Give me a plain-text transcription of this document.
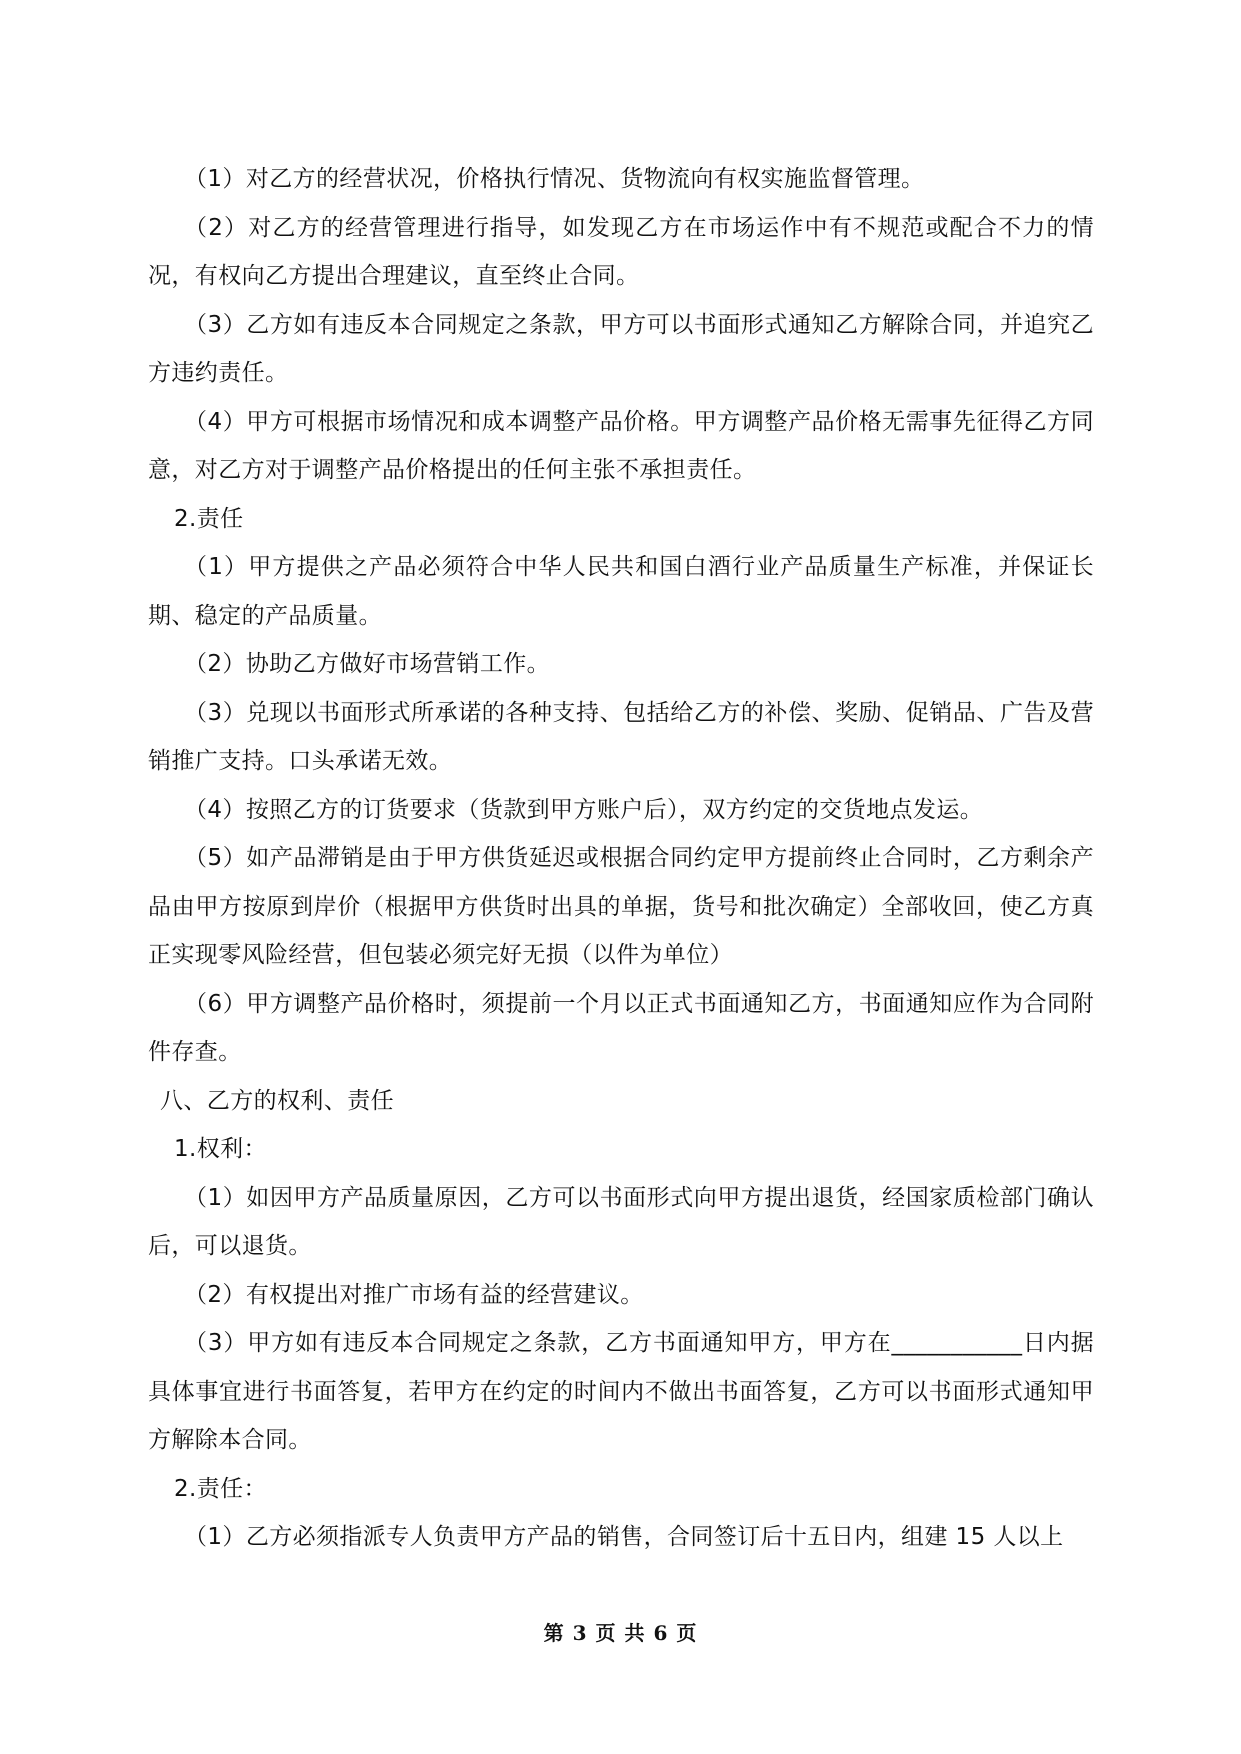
（1）对乙方的经营状况，价格执行情况、货物流向有权实施监督管理。

（2）对乙方的经营管理进行指导，如发现乙方在市场运作中有不规范或配合不力的情况，有权向乙方提出合理建议，直至终止合同。

（3）乙方如有违反本合同规定之条款，甲方可以书面形式通知乙方解除合同，并追究乙方违约责任。

（4）甲方可根据市场情况和成本调整产品价格。甲方调整产品价格无需事先征得乙方同意，对乙方对于调整产品价格提出的任何主张不承担责任。

2.责任

（1）甲方提供之产品必须符合中华人民共和国白酒行业产品质量生产标准，并保证长期、稳定的产品质量。

（2）协助乙方做好市场营销工作。

（3）兑现以书面形式所承诺的各种支持、包括给乙方的补偿、奖励、促销品、广告及营销推广支持。口头承诺无效。

（4）按照乙方的订货要求（货款到甲方账户后），双方约定的交货地点发运。

（5）如产品滞销是由于甲方供货延迟或根据合同约定甲方提前终止合同时，乙方剩余产品由甲方按原到岸价（根据甲方供货时出具的单据，货号和批次确定）全部收回，使乙方真正实现零风险经营，但包装必须完好无损（以件为单位）

（6）甲方调整产品价格时，须提前一个月以正式书面通知乙方，书面通知应作为合同附件存查。

八、乙方的权利、责任

1.权利：

（1）如因甲方产品质量原因，乙方可以书面形式向甲方提出退货，经国家质检部门确认后，可以退货。

（2）有权提出对推广市场有益的经营建议。

（3）甲方如有违反本合同规定之条款，乙方书面通知甲方，甲方在___________日内据具体事宜进行书面答复，若甲方在约定的时间内不做出书面答复，乙方可以书面形式通知甲方解除本合同。

2.责任：

（1）乙方必须指派专人负责甲方产品的销售，合同签订后十五日内，组建 15 人以上

第 3 页 共 6 页
